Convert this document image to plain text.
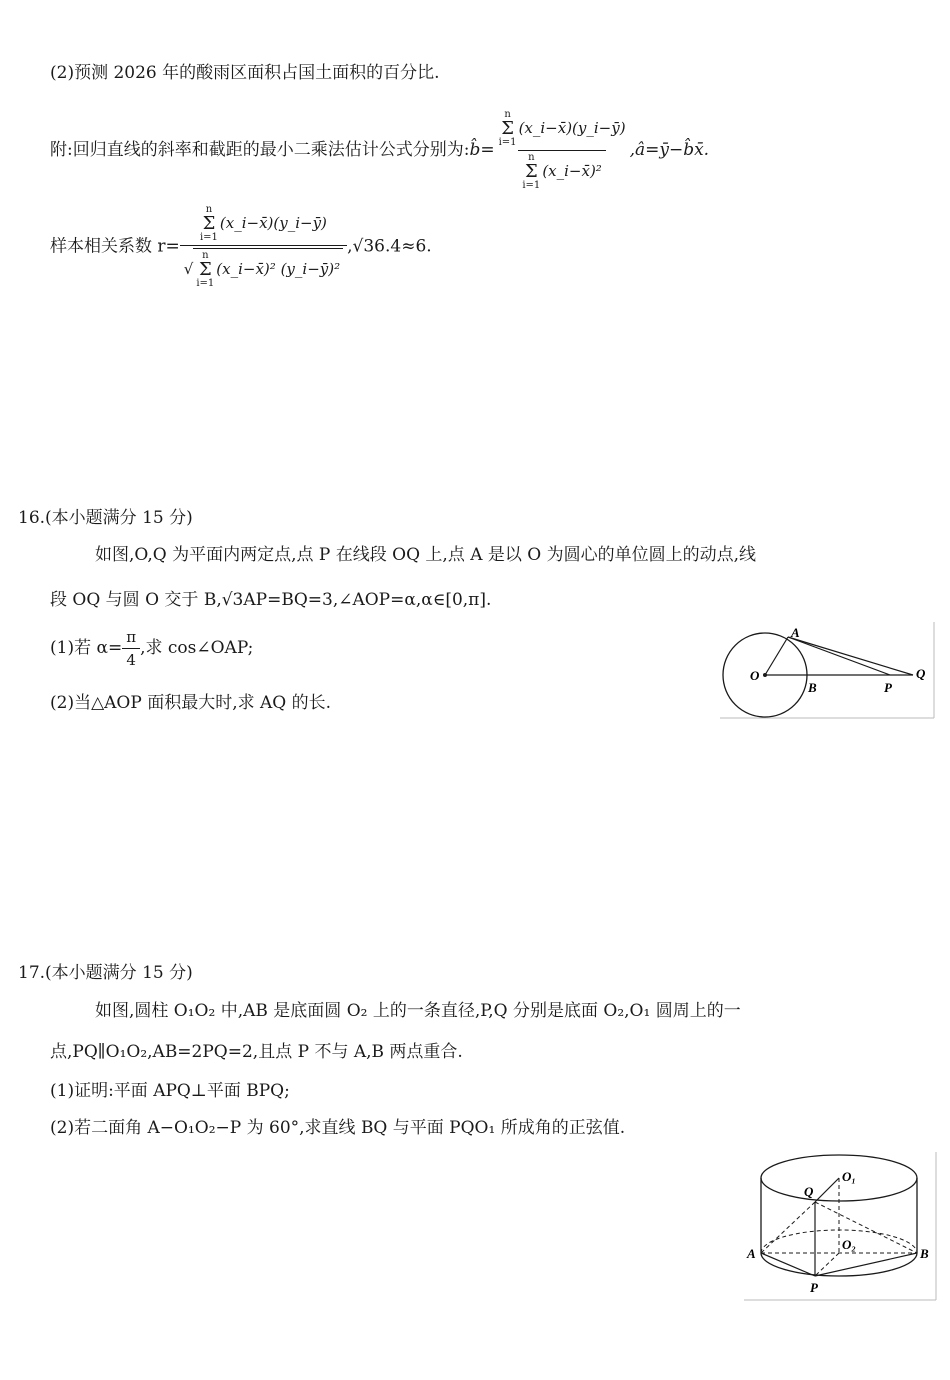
(2)预测 2026 年的酸雨区面积占国土面积的百分比.
附:回归直线的斜率和截距的最小二乘法估计公式分别为:b̂= n
Σ
i=1
(x_i−x̄)(y_i−ȳ)
n
Σ
i=1
(x_i−x̄)² ,â=ȳ−b̂x̄.
样本相关系数 r= n
Σ
i=1
(x_i−x̄)(y_i−ȳ)
√
n
Σ
i=1
(x_i−x̄)² (y_i−ȳ)² ,√36.4≈6.
16.(本小题满分 15 分)
如图,O,Q 为平面内两定点,点 P 在线段 OQ 上,点 A 是以 O 为圆心的单位圆上的动点,线
段 OQ 与圆 O 交于 B,√3AP=BQ=3,∠AOP=α,α∈[0,π].
(1)若 $\alpha= \frac{\pi}{4}$ ,求 cos∠OAP;
(2)当△AOP 面积最大时,求 AQ 的长.
A
O
B	P
Q
17.(本小题满分 15 分)
如图,圆柱 O₁O₂ 中,AB 是底面圆 O₂ 上的一条直径,P,Q 分别是底面 O₂,O₁ 圆周上的一
点,PQ∥O₁O₂,AB=2PQ=2,且点 P 不与 A,B 两点重合.
(1)证明:平面 APQ⊥平面 BPQ;
(2)若二面角 A−O₁O₂−P 为 60°,求直线 BQ 与平面 PQO₁ 所成角的正弦值.
Q
O₁
O₂
A	B
P
